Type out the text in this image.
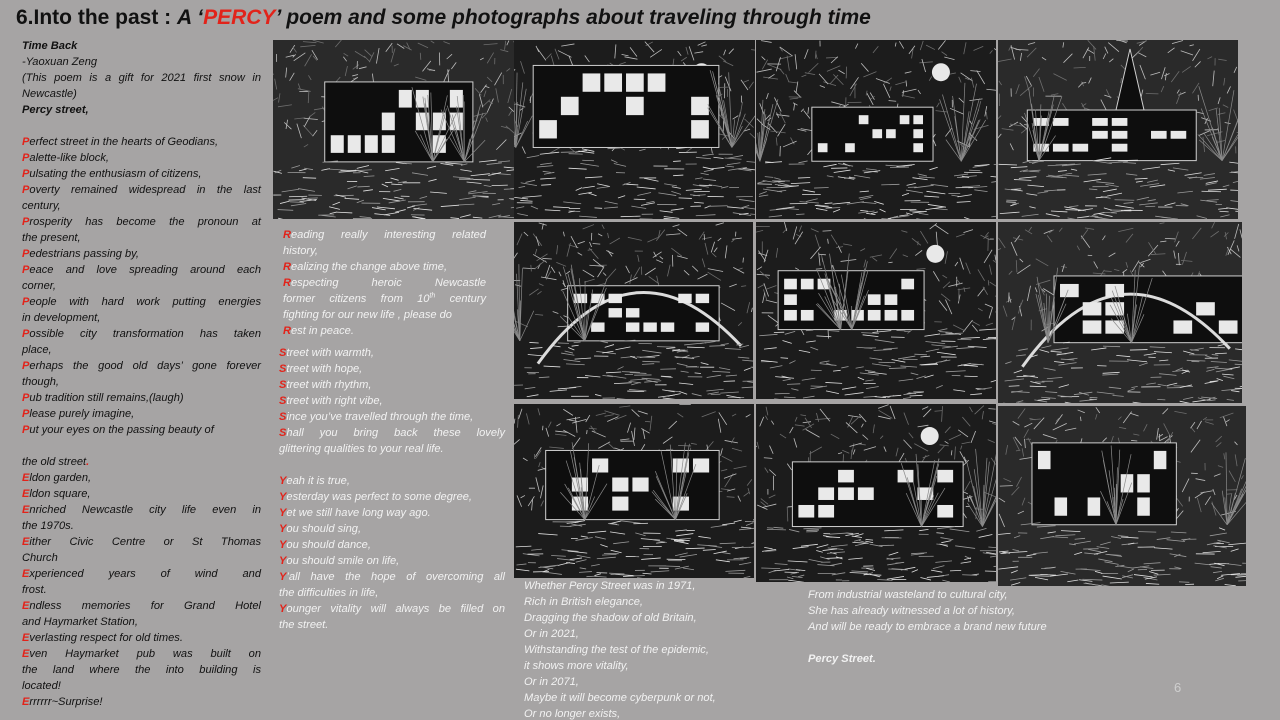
6.Into the past : A ‘PERCY’ poem and some photographs about traveling through time
Time Back
-Yaoxuan Zeng
(This poem is a gift for 2021 first snow in
Newcastle)
Percy street,
Perfect street in the hearts of Geodians,
Palette-like block,
Pulsating the enthusiasm of citizens,
Poverty remained widespread in the last
century,
Prosperity has become the pronoun at
the present,
Pedestrians passing by,
Peace and love spreading around each
corner,
People with hard work putting energies
in development,
Possible city transformation has taken
place,
Perhaps the good old days’ gone forever
though,
Pub tradition still remains,(laugh)
Please purely imagine,
Put your eyes on the passing beauty of
the old street.
Eldon garden,
Eldon square,
Enriched Newcastle city life even in
the 1970s.
Either Civic Centre or St Thomas
Church
Experienced years of wind and
frost.
Endless memories for Grand Hotel
and Haymarket Station,
Everlasting respect for old times.
Even Haymarket pub was built on
the land where the into building is
located!
Errrrrr~Surprise!
Reading really interesting related
history,
Realizing the change above time,
Respecting heroic Newcastle
former citizens from 10th century
fighting for our new life , please do
Rest in peace.
Street with warmth,
Street with hope,
Street with rhythm,
Street with right vibe,
Since you’ve travelled through the time,
Shall you bring back these lovely
glittering qualities to your real life.
Yeah it is true,
Yesterday was perfect to some degree,
Yet we still have long way ago.
You should sing,
You should dance,
You should smile on life,
Y’all have the hope of overcoming all
the difficulties in life,
Younger vitality will always be filled on
the street.
Whether Percy Street was in 1971,
Rich in British elegance,
Dragging the shadow of old Britain,
Or in 2021,
Withstanding the test of the epidemic,
it shows more vitality,
Or in 2071,
Maybe it will become cyberpunk or not,
Or no longer exists,
From industrial wasteland to cultural city,
She has already witnessed a lot of history,
And will be ready to embrace a brand new future
Percy Street.
6
